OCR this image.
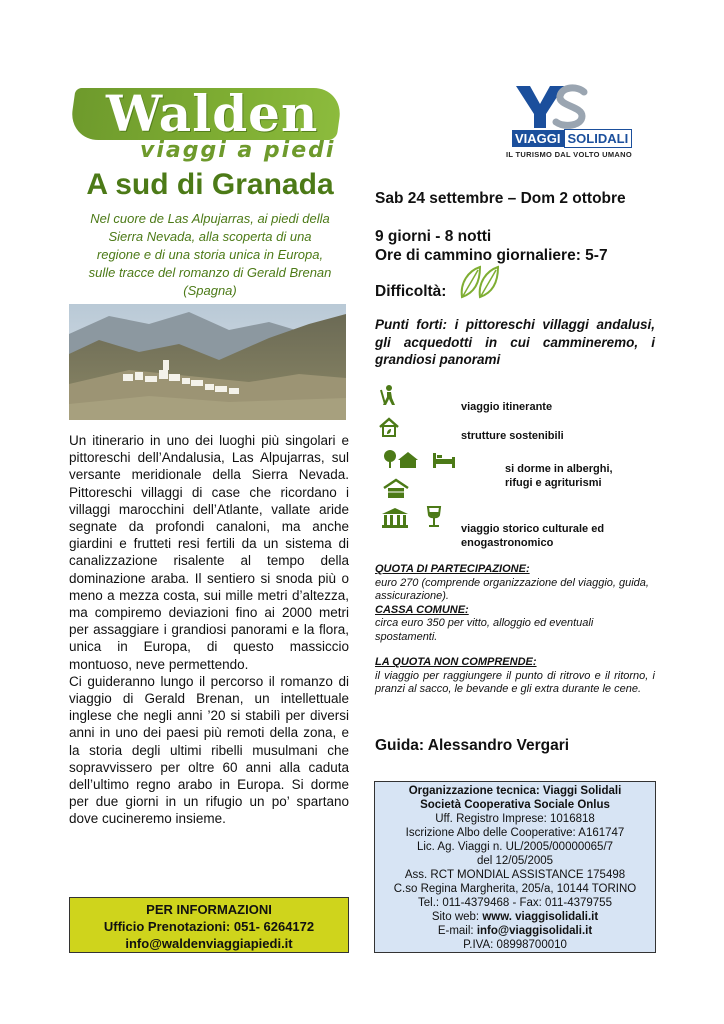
Walden
viaggi a piedi	VIAGGI SOLIDALI
IL TURISMO DAL VOLTO UMANO
A sud di Granada
Nel cuore de Las Alpujarras, ai piedi della
Sierra Nevada, alla scoperta di una
regione e di una storia unica in Europa,
sulle tracce del romanzo di Gerald Brenan
(Spagna)

Un itinerario in uno dei luoghi più singolari e pittoreschi dell’Andalusia, Las Alpujarras, sul versante meridionale della Sierra Nevada. Pittoreschi villaggi di case che ricordano i villaggi marocchini dell’Atlante, vallate aride segnate da profondi canaloni, ma anche giardini e frutteti resi fertili da un sistema di canalizzazione risalente al tempo della dominazione araba. Il sentiero si snoda più o meno a mezza costa, sui mille metri d’altezza, ma compiremo deviazioni fino ai 2000 metri per assaggiare i grandiosi panorami e la flora, unica in Europa, di questo massiccio montuoso, neve permettendo.

Ci guideranno lungo il percorso il romanzo di viaggio di Gerald Brenan, un intellettuale inglese che negli anni ’20 si stabilì per diversi anni in uno dei paesi più remoti della zona, e la storia degli ultimi ribelli musulmani che sopravvissero per oltre 60 anni alla caduta dell’ultimo regno arabo in Europa. Si dorme per due giorni in un rifugio un po’ spartano dove cucineremo insieme.

PER INFORMAZIONI
Ufficio Prenotazioni: 051- 6264172
info@waldenviaggiapiedi.it
Sab 24 settembre – Dom 2 ottobre
9 giorni - 8 notti
Ore di cammino giornaliere: 5-7
Difficoltà:
Punti forti: i pittoreschi villaggi andalusi, gli acquedotti in cui cammineremo, i grandiosi panorami
viaggio itinerante
strutture sostenibili
si dorme in alberghi,
rifugi e agriturismi
viaggio storico culturale ed
enogastronomico
QUOTA DI PARTECIPAZIONE:
euro 270 (comprende organizzazione del viaggio, guida, assicurazione).
CASSA COMUNE:
circa euro 350 per vitto, alloggio ed eventuali spostamenti.
LA QUOTA NON COMPRENDE:
il viaggio per raggiungere il punto di ritrovo e il ritorno, i pranzi al sacco, le bevande e gli extra durante le cene.
Guida: Alessandro Vergari
Organizzazione tecnica: Viaggi Solidali
Società Cooperativa Sociale Onlus
Uff. Registro Imprese: 1016818
Iscrizione Albo delle Cooperative: A161747
Lic. Ag. Viaggi n. UL/2005/00000065/7
del 12/05/2005
Ass. RCT MONDIAL ASSISTANCE 175498
C.so Regina Margherita, 205/a, 10144 TORINO
Tel.: 011-4379468 - Fax: 011-4379755
Sito web: www. viaggisolidali.it
E-mail: info@viaggisolidali.it
P.IVA: 08998700010
